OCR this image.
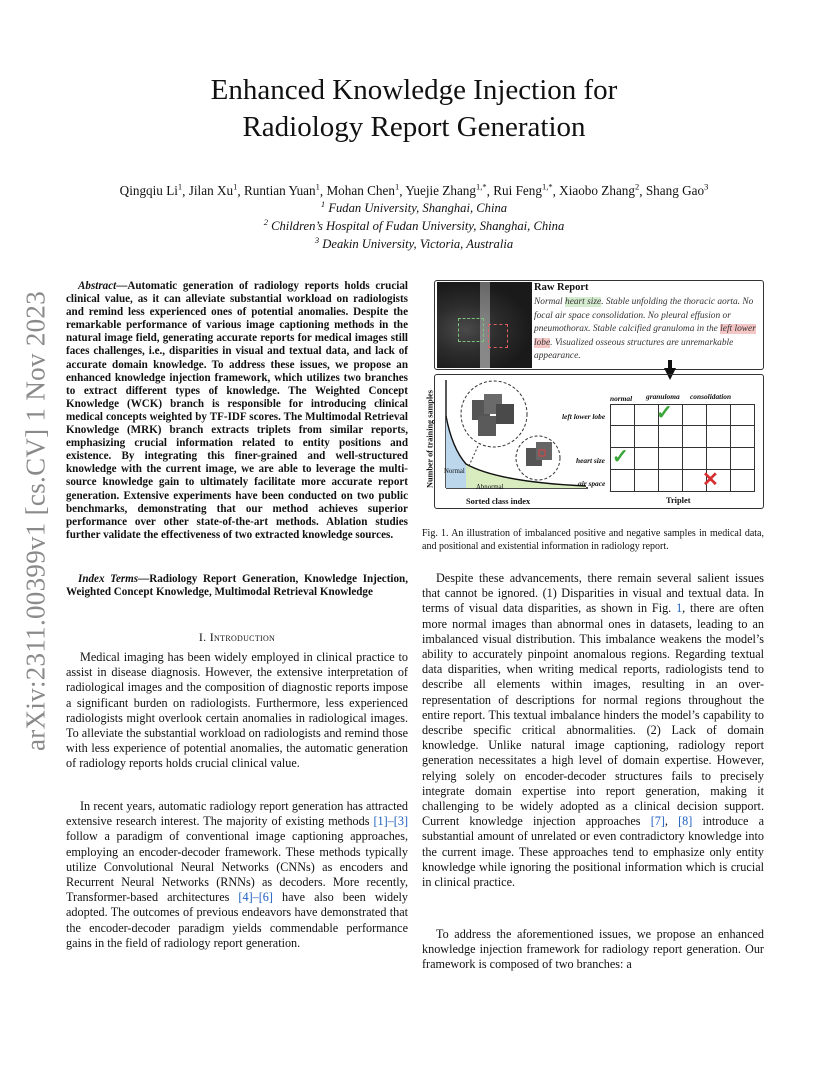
arXiv:2311.00399v1 [cs.CV] 1 Nov 2023
Enhanced Knowledge Injection for
Radiology Report Generation
Qingqiu Li$^1$, Jilan Xu$^1$, Runtian Yuan$^1$, Mohan Chen$^1$, Yuejie Zhang$^{1,*}$, Rui Feng$^{1,*}$, Xiaobo Zhang$^2$, Shang Gao$^3$
$^1$ Fudan University, Shanghai, China
$^2$ Children’s Hospital of Fudan University, Shanghai, China
$^3$ Deakin University, Victoria, Australia
Abstract—Automatic generation of radiology reports holds crucial clinical value, as it can alleviate substantial workload on radiologists and remind less experienced ones of potential anomalies. Despite the remarkable performance of various image captioning methods in the natural image field, generating accurate reports for medical images still faces challenges, i.e., disparities in visual and textual data, and lack of accurate domain knowledge. To address these issues, we propose an enhanced knowledge injection framework, which utilizes two branches to extract different types of knowledge. The Weighted Concept Knowledge (WCK) branch is responsible for introducing clinical medical concepts weighted by TF-IDF scores. The Multimodal Retrieval Knowledge (MRK) branch extracts triplets from similar reports, emphasizing crucial information related to entity positions and existence. By integrating this finer-grained and well-structured knowledge with the current image, we are able to leverage the multi-source knowledge gain to ultimately facilitate more accurate report generation. Extensive experiments have been conducted on two public benchmarks, demonstrating that our method achieves superior performance over other state-of-the-art methods. Ablation studies further validate the effectiveness of two extracted knowledge sources.
Index Terms—Radiology Report Generation, Knowledge Injection, Weighted Concept Knowledge, Multimodal Retrieval Knowledge
I. Introduction
Medical imaging has been widely employed in clinical practice to assist in disease diagnosis. However, the extensive interpretation of radiological images and the composition of diagnostic reports impose a significant burden on radiologists. Furthermore, less experienced radiologists might overlook certain anomalies in radiological images. To alleviate the substantial workload on radiologists and remind those with less experience of potential anomalies, the automatic generation of radiology reports holds crucial clinical value.
In recent years, automatic radiology report generation has attracted extensive research interest. The majority of existing methods [1]–[3] follow a paradigm of conventional image captioning approaches, employing an encoder-decoder framework. These methods typically utilize Convolutional Neural Networks (CNNs) as encoders and Recurrent Neural Networks (RNNs) as decoders. More recently, Transformer-based architectures [4]–[6] have also been widely adopted. The outcomes of previous endeavors have demonstrated that the encoder-decoder paradigm yields commendable performance gains in the field of radiology report generation.
Raw Report
Normal heart size. Stable unfolding the thoracic aorta. No focal air space consolidation. No pleural effusion or pneumothorax. Stable calcified granuloma in the left lower lobe. Visualized osseous structures are unremarkable appearance.
Number of training samples Normal
Abnormal
Sorted class index
normal granuloma consolidation
left lower lobe
heart size
air space
✓
✓
✕
Triplet
Fig. 1. An illustration of imbalanced positive and negative samples in medical data, and positional and existential information in radiology report.
Despite these advancements, there remain several salient issues that cannot be ignored. (1) Disparities in visual and textual data. In terms of visual data disparities, as shown in Fig. 1, there are often more normal images than abnormal ones in datasets, leading to an imbalanced visual distribution. This imbalance weakens the model’s ability to accurately pinpoint anomalous regions. Regarding textual data disparities, when writing medical reports, radiologists tend to describe all elements within images, resulting in an over-representation of descriptions for normal regions throughout the entire report. This textual imbalance hinders the model’s capability to describe specific critical abnormalities. (2) Lack of domain knowledge. Unlike natural image captioning, radiology report generation necessitates a high level of domain expertise. However, relying solely on encoder-decoder structures fails to precisely integrate domain expertise into report generation, making it challenging to be widely adopted as a clinical decision support. Current knowledge injection approaches [7], [8] introduce a substantial amount of unrelated or even contradictory knowledge into the current image. These approaches tend to emphasize only entity knowledge while ignoring the positional information which is crucial in clinical practice.
To address the aforementioned issues, we propose an enhanced knowledge injection framework for radiology report generation. Our framework is composed of two branches: a
